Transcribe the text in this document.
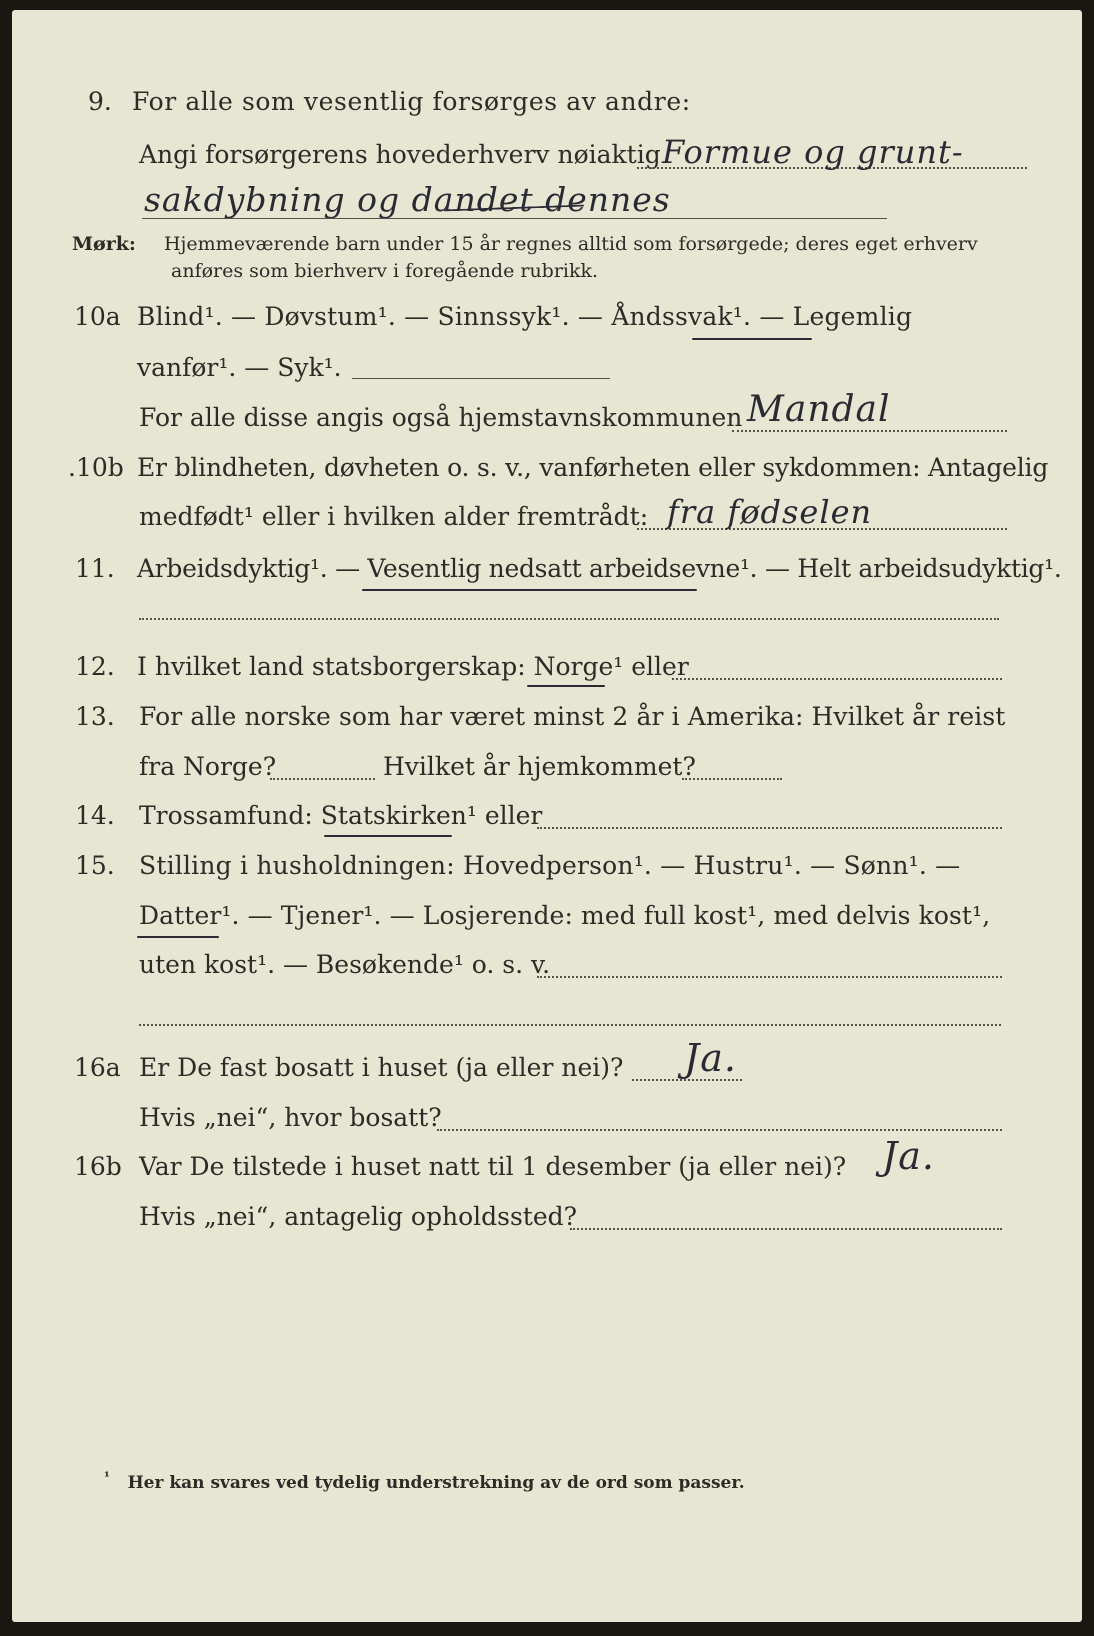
9. For alle som vesentlig forsørges av andre:
Angi forsørgerens hovederhverv nøiaktig Formue og grunt-
sakdybning og dandet dennes
Mørk: Hjemmeværende barn under 15 år regnes alltid som forsørgede; deres eget erhverv
anføres som bierhverv i foregående rubrikk.
10a Blind¹. — Døvstum¹. — Sinnssyk¹. — Åndssvak¹. — Legemlig
vanfør¹. — Syk¹.
For alle disse angis også hjemstavnskommunen Mandal
.10b Er blindheten, døvheten o. s. v., vanførheten eller sykdommen: Antagelig
medfødt¹ eller i hvilken alder fremtrådt: fra fødselen
11. Arbeidsdyktig¹. — Vesentlig nedsatt arbeidsevne¹. — Helt arbeidsudyktig¹.
12. I hvilket land statsborgerskap: Norge¹ eller
13. For alle norske som har været minst 2 år i Amerika: Hvilket år reist
fra Norge?	Hvilket år hjemkommet?
14. Trossamfund: Statskirken¹ eller
15. Stilling i husholdningen: Hovedperson¹. — Hustru¹. — Sønn¹. —
Datter¹. — Tjener¹. — Losjerende: med full kost¹, med delvis kost¹,
uten kost¹. — Besøkende¹ o. s. v.
16a Er De fast bosatt i huset (ja eller nei)? Ja.
Hvis „nei“, hvor bosatt?
16b Var De tilstede i huset natt til 1 desember (ja eller nei)? Ja.
Hvis „nei“, antagelig opholdssted?
$^{^1}$ Her kan svares ved tydelig understrekning av de ord som passer.
